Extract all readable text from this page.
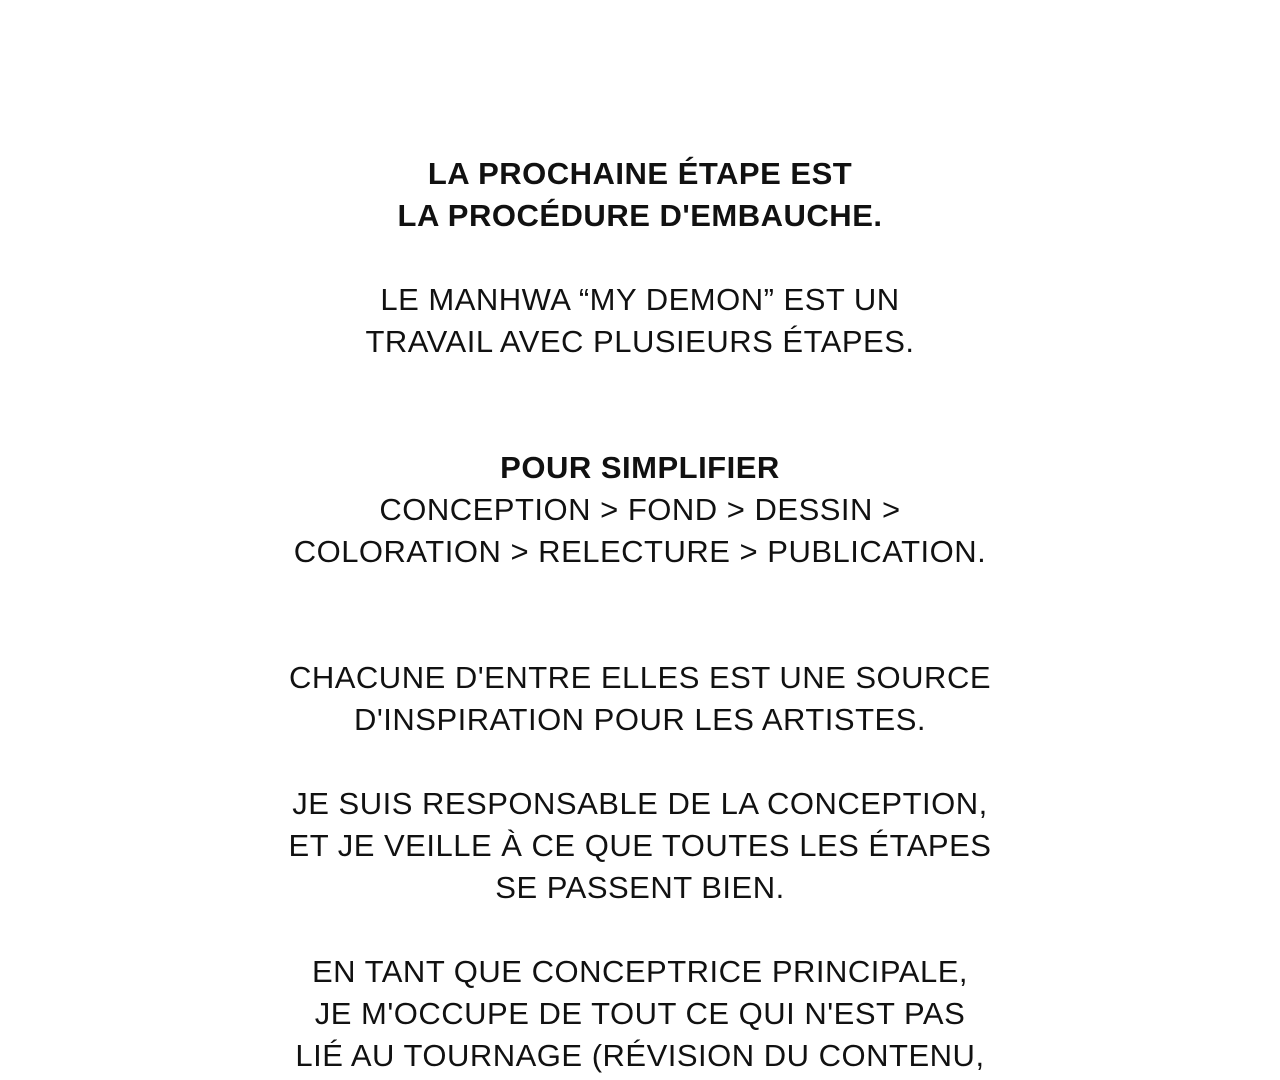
LA PROCHAINE ÉTAPE EST
LA PROCÉDURE D'EMBAUCHE.
LE MANHWA “MY DEMON” EST UN
TRAVAIL AVEC PLUSIEURS ÉTAPES.
POUR SIMPLIFIER
CONCEPTION > FOND > DESSIN >
COLORATION > RELECTURE > PUBLICATION.
CHACUNE D'ENTRE ELLES EST UNE SOURCE
D'INSPIRATION POUR LES ARTISTES.
JE SUIS RESPONSABLE DE LA CONCEPTION,
ET JE VEILLE À CE QUE TOUTES LES ÉTAPES
SE PASSENT BIEN.
EN TANT QUE CONCEPTRICE PRINCIPALE,
JE M'OCCUPE DE TOUT CE QUI N'EST PAS
LIÉ AU TOURNAGE (RÉVISION DU CONTENU,
